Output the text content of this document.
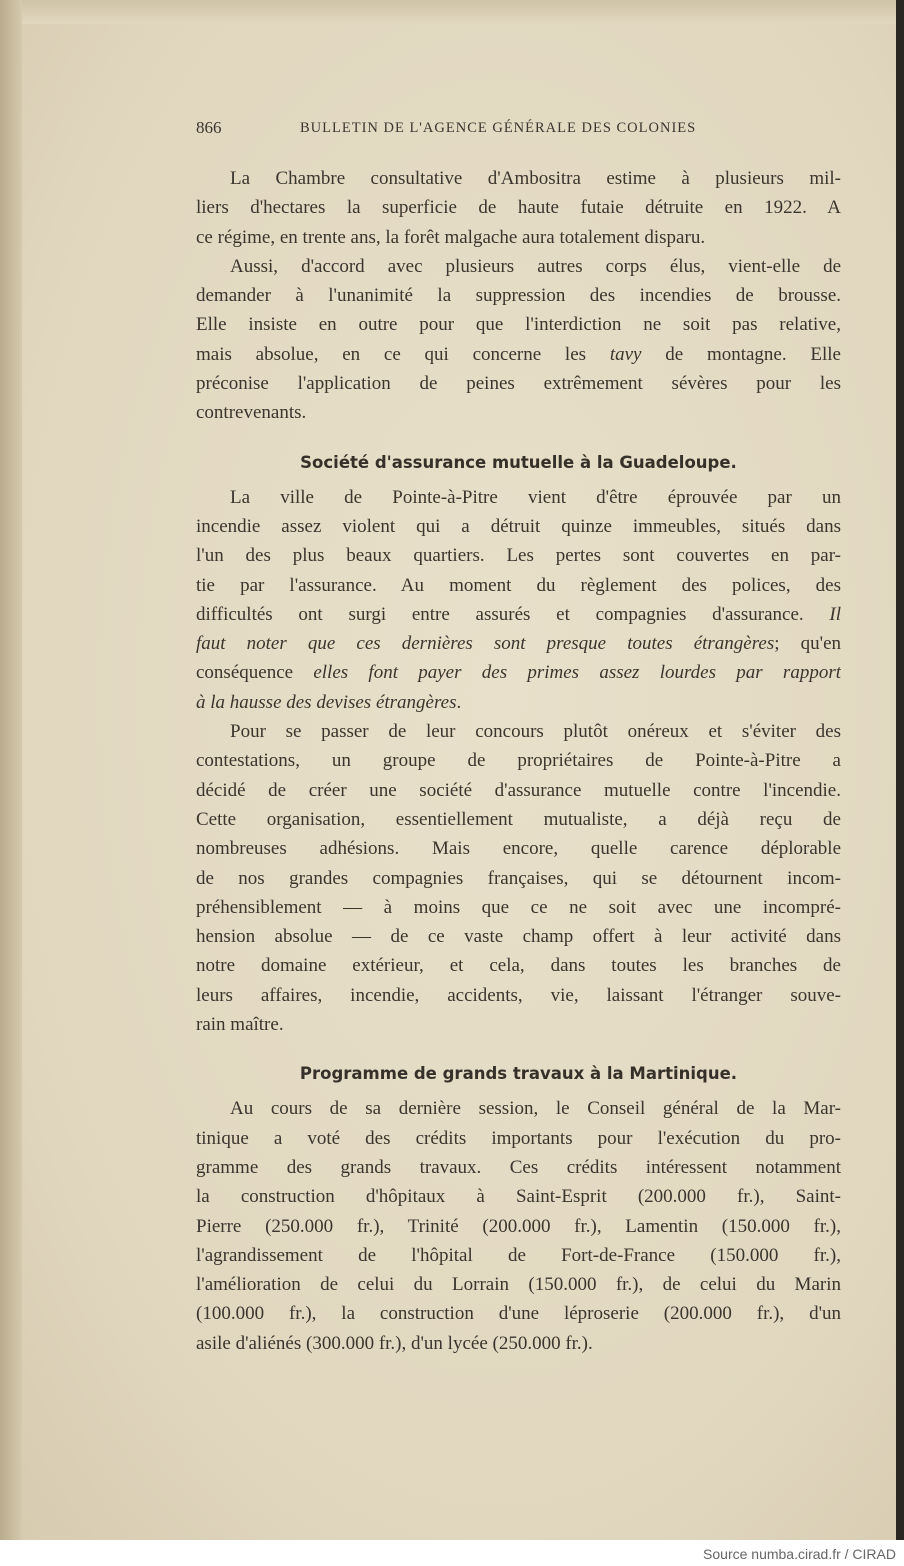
866	BULLETIN DE L'AGENCE GÉNÉRALE DES COLONIES
La Chambre consultative d'Ambositra estime à plusieurs mil-
liers d'hectares la superficie de haute futaie détruite en 1922. A
ce régime, en trente ans, la forêt malgache aura totalement disparu.
Aussi, d'accord avec plusieurs autres corps élus, vient-elle de
demander à l'unanimité la suppression des incendies de brousse.
Elle insiste en outre pour que l'interdiction ne soit pas relative,
mais absolue, en ce qui concerne les tavy de montagne. Elle
préconise l'application de peines extrêmement sévères pour les
contrevenants.
Société d'assurance mutuelle à la Guadeloupe.
La ville de Pointe-à-Pitre vient d'être éprouvée par un
incendie assez violent qui a détruit quinze immeubles, situés dans
l'un des plus beaux quartiers. Les pertes sont couvertes en par-
tie par l'assurance. Au moment du règlement des polices, des
difficultés ont surgi entre assurés et compagnies d'assurance. Il
faut noter que ces dernières sont presque toutes étrangères; qu'en
conséquence elles font payer des primes assez lourdes par rapport
à la hausse des devises étrangères.
Pour se passer de leur concours plutôt onéreux et s'éviter des
contestations, un groupe de propriétaires de Pointe-à-Pitre a
décidé de créer une société d'assurance mutuelle contre l'incendie.
Cette organisation, essentiellement mutualiste, a déjà reçu de
nombreuses adhésions. Mais encore, quelle carence déplorable
de nos grandes compagnies françaises, qui se détournent incom-
préhensiblement — à moins que ce ne soit avec une incompré-
hension absolue — de ce vaste champ offert à leur activité dans
notre domaine extérieur, et cela, dans toutes les branches de
leurs affaires, incendie, accidents, vie, laissant l'étranger souve-
rain maître.
Programme de grands travaux à la Martinique.
Au cours de sa dernière session, le Conseil général de la Mar-
tinique a voté des crédits importants pour l'exécution du pro-
gramme des grands travaux. Ces crédits intéressent notamment
la construction d'hôpitaux à Saint-Esprit (200.000 fr.), Saint-
Pierre (250.000 fr.), Trinité (200.000 fr.), Lamentin (150.000 fr.),
l'agrandissement de l'hôpital de Fort-de-France (150.000 fr.),
l'amélioration de celui du Lorrain (150.000 fr.), de celui du Marin
(100.000 fr.), la construction d'une léproserie (200.000 fr.), d'un
asile d'aliénés (300.000 fr.), d'un lycée (250.000 fr.).
Source numba.cirad.fr / CIRAD
